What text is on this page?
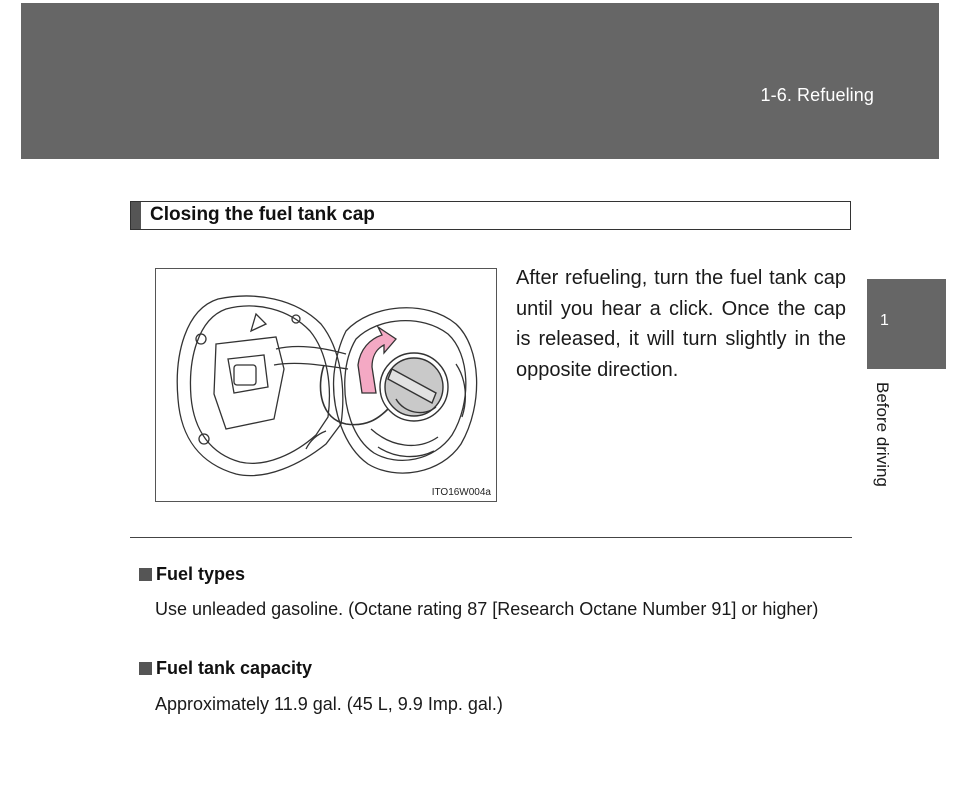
1-6. Refueling
1
Before driving
Closing the fuel tank cap
ITO16W004a
After refueling, turn the fuel tank cap until you hear a click. Once the cap is released, it will turn slightly in the opposite direction.
Fuel types
Use unleaded gasoline. (Octane rating 87 [Research Octane Number 91] or higher)
Fuel tank capacity
Approximately 11.9 gal. (45 L, 9.9 Imp. gal.)
